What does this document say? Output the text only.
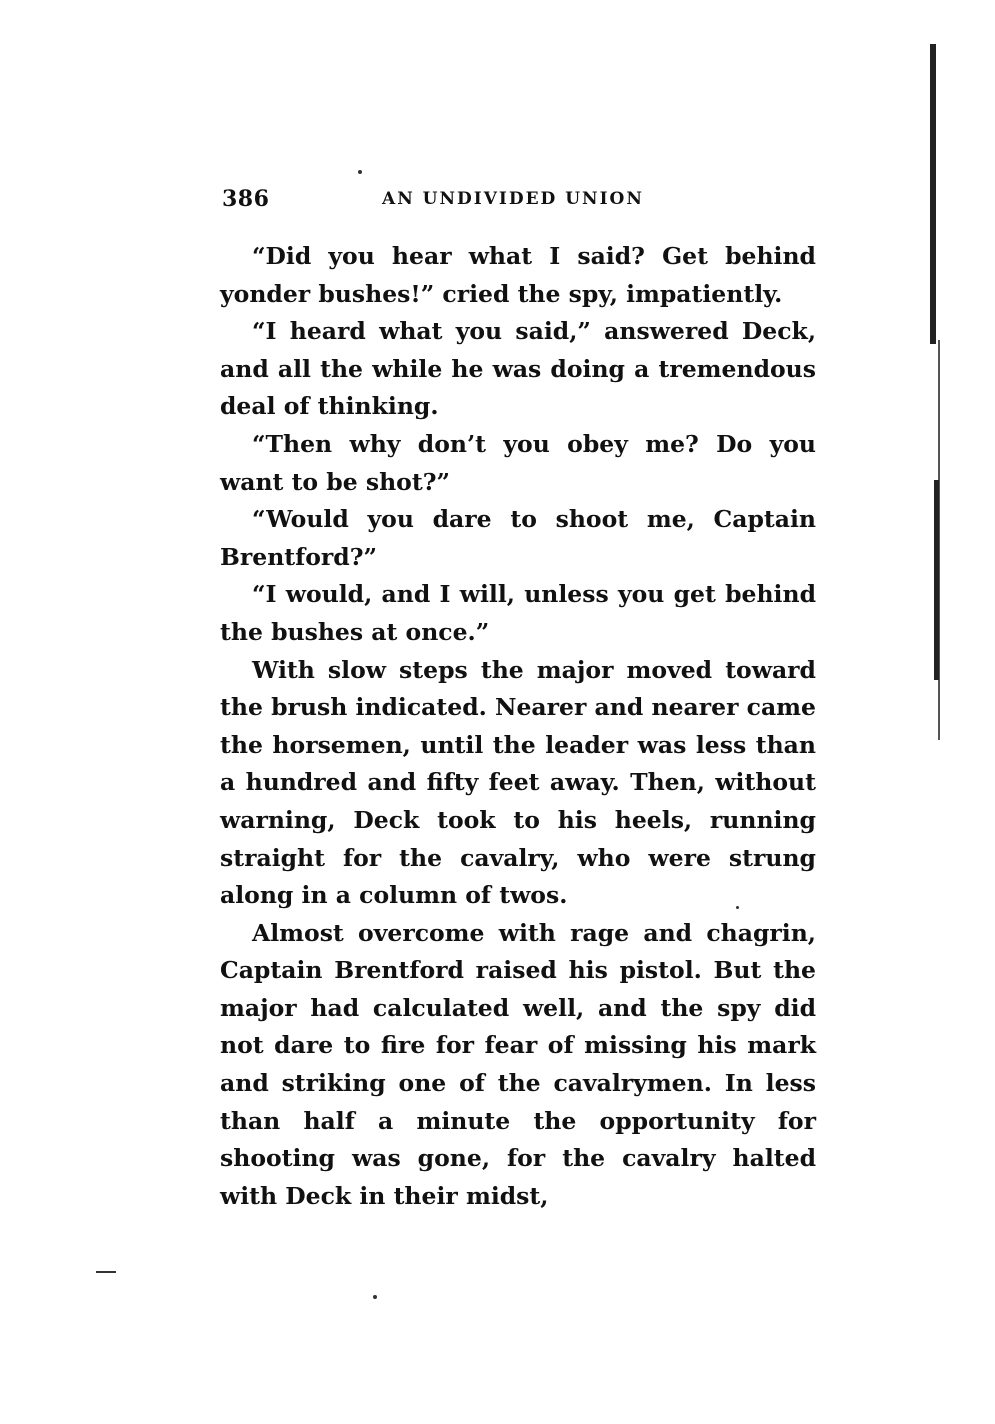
386	AN UNDIVIDED UNION

“Did you hear what I said? Get behind yonder bushes!” cried the spy, impatiently.

“I heard what you said,” answered Deck, and all the while he was doing a tremendous deal of thinking.

“Then why don’t you obey me? Do you want to be shot?”

“Would you dare to shoot me, Captain Brentford?”

“I would, and I will, unless you get behind the bushes at once.”

With slow steps the major moved toward the brush indicated. Nearer and nearer came the horsemen, until the leader was less than a hundred and fifty feet away. Then, without warning, Deck took to his heels, running straight for the cavalry, who were strung along in a column of twos.

Almost overcome with rage and chagrin, Captain Brentford raised his pistol. But the major had calculated well, and the spy did not dare to fire for fear of missing his mark and striking one of the cavalrymen. In less than half a minute the opportunity for shooting was gone, for the cavalry halted with Deck in their midst,
